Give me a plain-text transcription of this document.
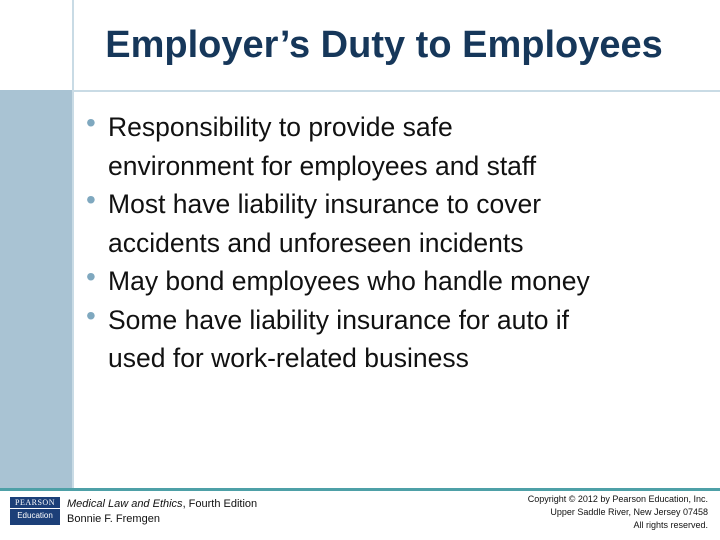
Employer’s Duty to Employees
• Responsibility to provide safe
environment for employees and staff
• Most have liability insurance to cover
accidents and unforeseen incidents
• May bond employees who handle money
• Some have liability insurance for auto if
used for work-related business
PEARSON
Education
Medical Law and Ethics, Fourth Edition
Bonnie F. Fremgen
Copyright © 2012 by Pearson Education, Inc.
Upper Saddle River, New Jersey 07458
All rights reserved.
